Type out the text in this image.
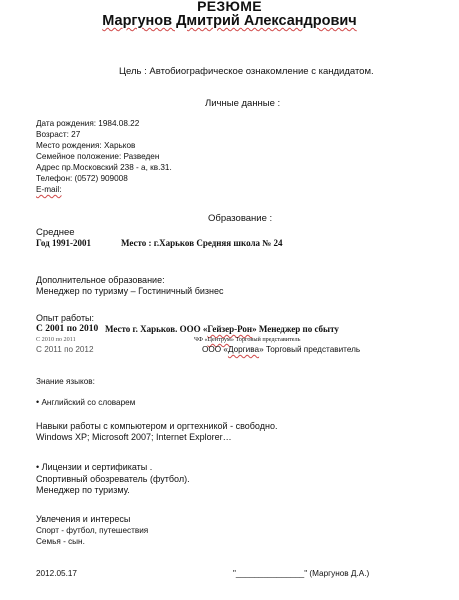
РЕЗЮМЕ
Маргунов Дмитрий Александрович
Цель : Автобиографическое ознакомление с кандидатом.
Личные данные :
Дата рождения: 1984.08.22
Возраст: 27
Место рождения: Харьков
Семейное положение: Разведен
Адрес пр.Московский 238 - а, кв.31.
Телефон: (0572) 909008
E-mail:
Образование :
Среднее
Год 1991-2001	Место : г.Харьков Средняя школа № 24
Дополнительное образование:
Менеджер по туризму – Гостиничный бизнес
Опыт работы:
С 2001 по 2010 Место г. Харьков. ООО «Гейзер-Рон» Менеджер по сбыту
С 2010 по 2011	ЧФ «Центрум» Торговый представитель
С 2011 по 2012	ООО «Доргива» Торговый представитель
Знание языков:
• Английский со словарем
Навыки работы с компьютером и оргтехникой - свободно.
Windows XP; Microsoft 2007; Internet Explorer…
• Лицензии и сертификаты .
Спортивный обозреватель (футбол).
Менеджер по туризму.
Увлечения и интересы
Спорт - футбол, путешествия
Семья - сын.
2012.05.17	"_______________" (Маргунов Д.А.)
